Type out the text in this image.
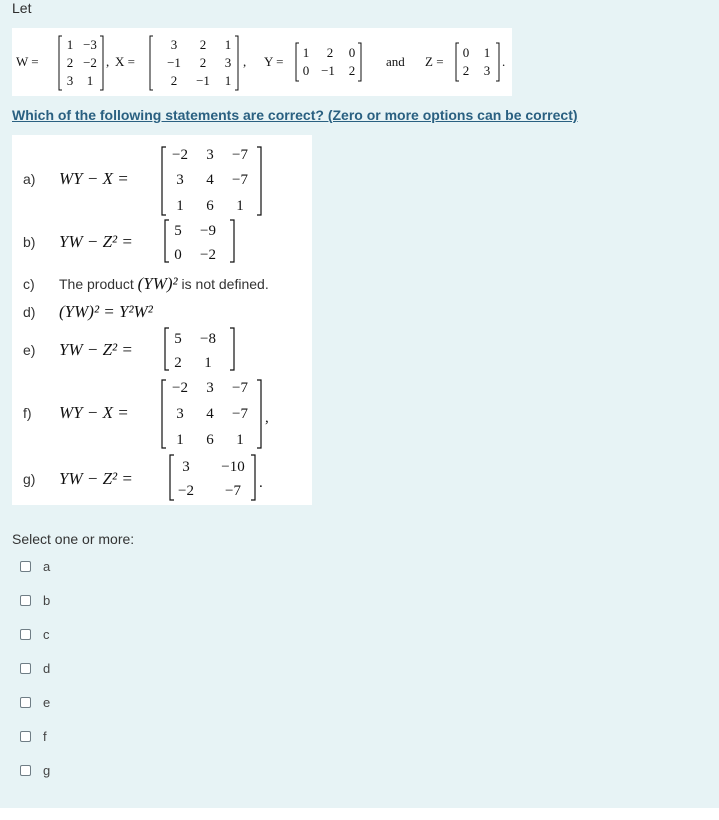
Let
W =
1 −3
2 −2
3 1
, X =
3 2 1
−1 2 3
2 −1 1
, Y =
1 2 0
0 −1 2
and Z =
0 1
2 3
.
Which of the following statements are correct? (Zero or more options can be correct)
a) WY − X =
−2 3 −7
3 4 −7
1 6 1
b) YW − Z² =
5 −9
0 −2
c) The product (YW)² is not defined.
d) (YW)² = Y²W²
e) YW − Z² =
5 −8
2 1
f) WY − X =
−2 3 −7
3 4 −7
1 6 1
,
g) YW − Z² =
3 −10
−2 −7 .
Select one or more:
a
b
c
d
e
f
g
